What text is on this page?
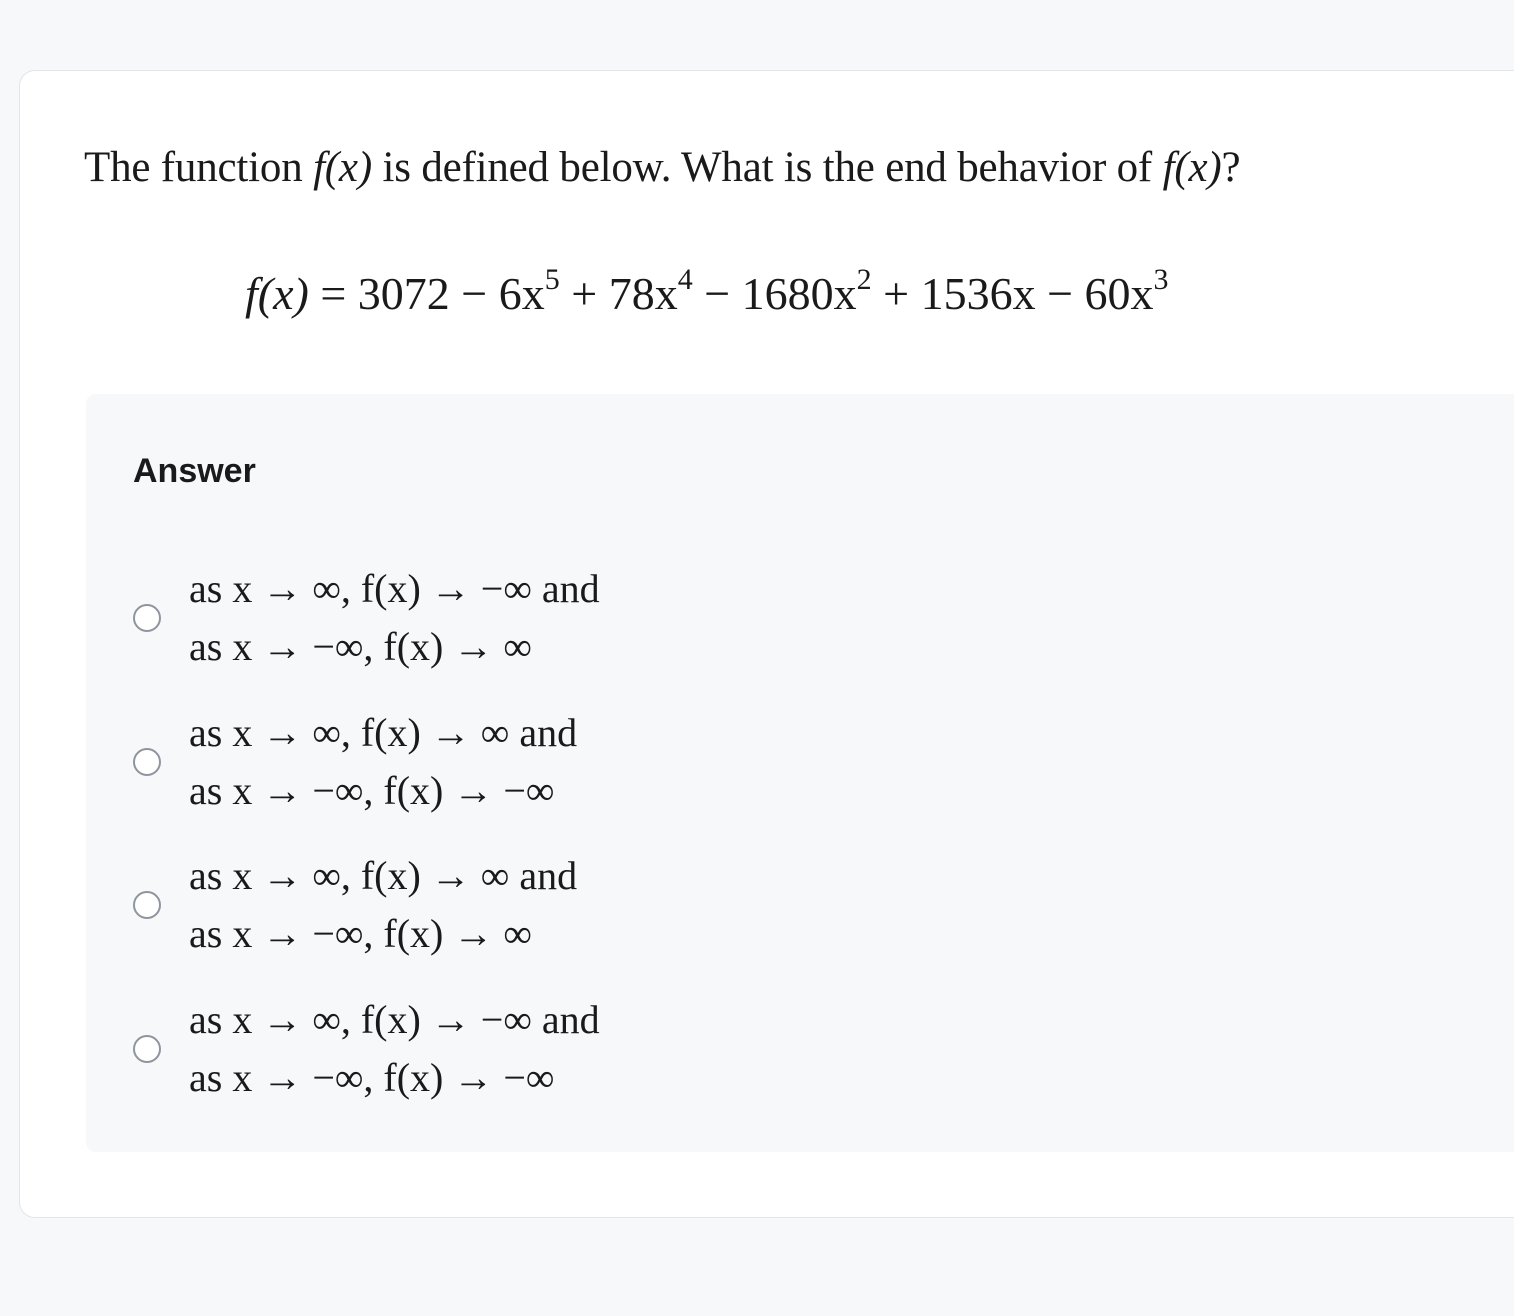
The function f(x) is defined below. What is the end behavior of f(x)?
$f(x) = 3072 - 6x^5 + 78x^4 - 1680x^2 + 1536x - 60x^3$
Answer
as x → ∞, f(x) → −∞ and
as x → −∞, f(x) → ∞
as x → ∞, f(x) → ∞ and
as x → −∞, f(x) → −∞
as x → ∞, f(x) → ∞ and
as x → −∞, f(x) → ∞
as x → ∞, f(x) → −∞ and
as x → −∞, f(x) → −∞
